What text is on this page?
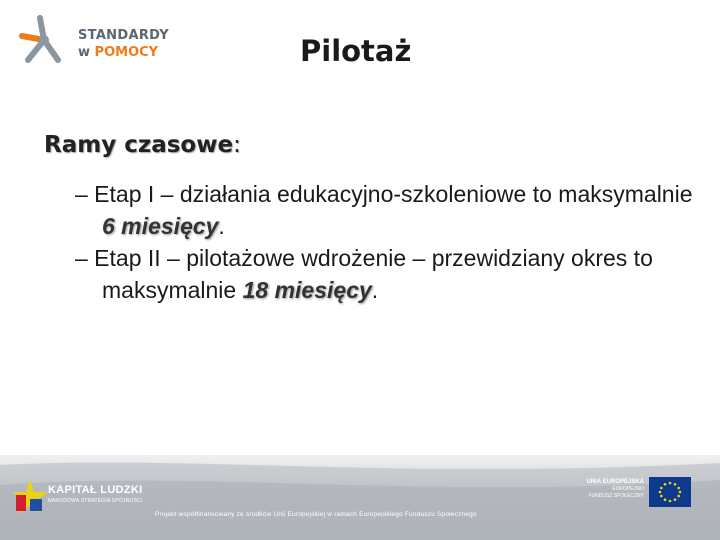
STANDARDY
w POMOCY	Pilotaż
Ramy czasowe:
– Etap I – działania edukacyjno-szkoleniowe to maksymalnie 6 miesięcy.
– Etap II – pilotażowe wdrożenie – przewidziany okres to maksymalnie 18 miesięcy.
KAPITAŁ LUDZKI
NARODOWA STRATEGIA SPÓJNOŚCI
UNIA EUROPEJSKA
EUROPEJSKI
FUNDUSZ SPOŁECZNY
Projekt współfinansowany ze środków Unii Europejskiej w ramach Europejskiego Funduszu Społecznego
